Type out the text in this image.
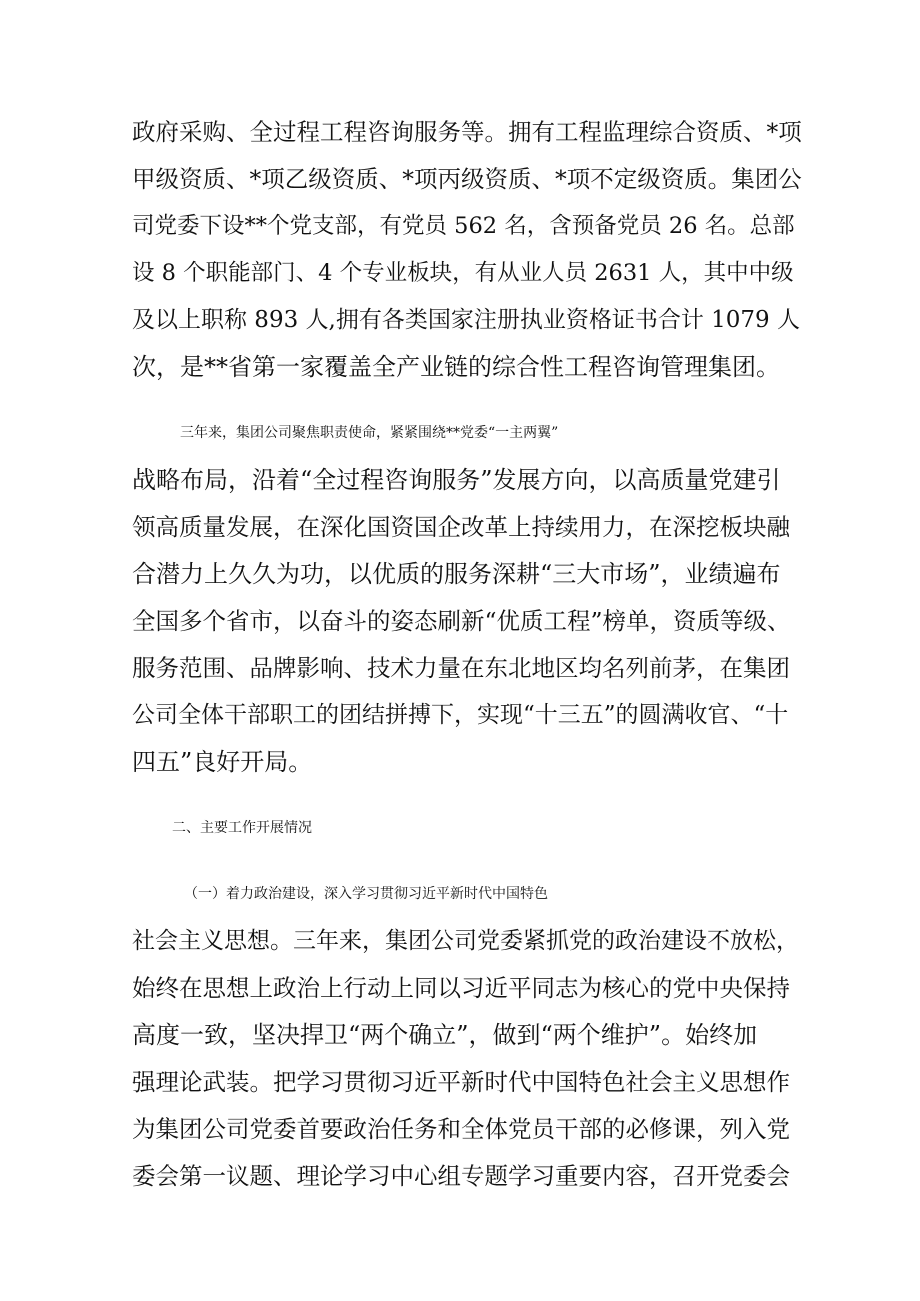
政府采购、全过程工程咨询服务等。拥有工程监理综合资质、*项
甲级资质、*项乙级资质、*项丙级资质、*项不定级资质。集团公
司党委下设**个党支部，有党员 562 名，含预备党员 26 名。总部
设 8 个职能部门、4 个专业板块，有从业人员 2631 人，其中中级
及以上职称 893 人,拥有各类国家注册执业资格证书合计 1079 人
次，是**省第一家覆盖全产业链的综合性工程咨询管理集团。
三年来，集团公司聚焦职责使命，紧紧围绕**党委“一主两翼”
战略布局，沿着“全过程咨询服务”发展方向，以高质量党建引
领高质量发展，在深化国资国企改革上持续用力，在深挖板块融
合潜力上久久为功，以优质的服务深耕“三大市场”，业绩遍布
全国多个省市，以奋斗的姿态刷新“优质工程”榜单，资质等级、
服务范围、品牌影响、技术力量在东北地区均名列前茅，在集团
公司全体干部职工的团结拼搏下，实现“十三五”的圆满收官、“十
四五”良好开局。
二、主要工作开展情况
（一）着力政治建设，深入学习贯彻习近平新时代中国特色
社会主义思想。三年来，集团公司党委紧抓党的政治建设不放松，
始终在思想上政治上行动上同以习近平同志为核心的党中央保持
高度一致，坚决捍卫“两个确立”，做到“两个维护”。始终加
强理论武装。把学习贯彻习近平新时代中国特色社会主义思想作
为集团公司党委首要政治任务和全体党员干部的必修课，列入党
委会第一议题、理论学习中心组专题学习重要内容，召开党委会
